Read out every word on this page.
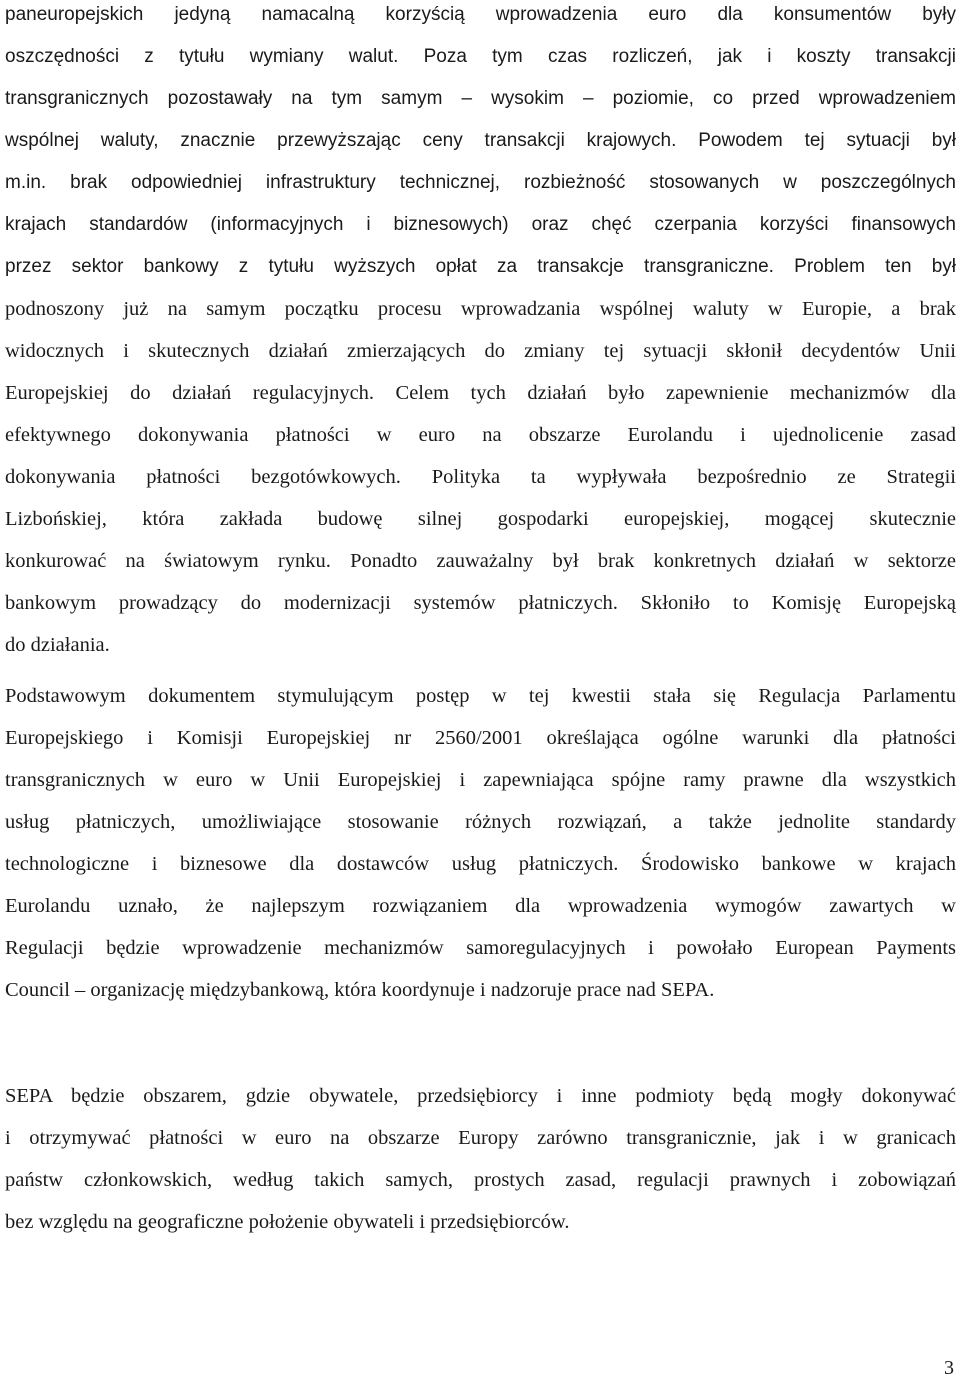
paneuropejskich jedyną namacalną korzyścią wprowadzenia euro dla konsumentów były
oszczędności z tytułu wymiany walut. Poza tym czas rozliczeń, jak i koszty transakcji
transgranicznych pozostawały na tym samym – wysokim – poziomie, co przed wprowadzeniem
wspólnej waluty, znacznie przewyższając ceny transakcji krajowych. Powodem tej sytuacji był
m.in. brak odpowiedniej infrastruktury technicznej, rozbieżność stosowanych w poszczególnych
krajach standardów (informacyjnych i biznesowych) oraz chęć czerpania korzyści finansowych
przez sektor bankowy z tytułu wyższych opłat za transakcje transgraniczne. Problem ten był
podnoszony już na samym początku procesu wprowadzania wspólnej waluty w Europie, a brak
widocznych i skutecznych działań zmierzających do zmiany tej sytuacji skłonił decydentów Unii
Europejskiej do działań regulacyjnych. Celem tych działań było zapewnienie mechanizmów dla
efektywnego dokonywania płatności w euro na obszarze Eurolandu i ujednolicenie zasad
dokonywania płatności bezgotówkowych. Polityka ta wypływała bezpośrednio ze Strategii
Lizbońskiej, która zakłada budowę silnej gospodarki europejskiej, mogącej skutecznie
konkurować na światowym rynku. Ponadto zauważalny był brak konkretnych działań w sektorze
bankowym prowadzący do modernizacji systemów płatniczych. Skłoniło to Komisję Europejską
do działania.
Podstawowym dokumentem stymulującym postęp w tej kwestii stała się Regulacja Parlamentu
Europejskiego i Komisji Europejskiej nr 2560/2001 określająca ogólne warunki dla płatności
transgranicznych w euro w Unii Europejskiej i zapewniająca spójne ramy prawne dla wszystkich
usług płatniczych, umożliwiające stosowanie różnych rozwiązań, a także jednolite standardy
technologiczne i biznesowe dla dostawców usług płatniczych. Środowisko bankowe w krajach
Eurolandu uznało, że najlepszym rozwiązaniem dla wprowadzenia wymogów zawartych w
Regulacji będzie wprowadzenie mechanizmów samoregulacyjnych i powołało European Payments
Council – organizację międzybankową, która koordynuje i nadzoruje prace nad SEPA.
SEPA będzie obszarem, gdzie obywatele, przedsiębiorcy i inne podmioty będą mogły dokonywać
i otrzymywać płatności w euro na obszarze Europy zarówno transgranicznie, jak i w granicach
państw członkowskich, według takich samych, prostych zasad, regulacji prawnych i zobowiązań
bez względu na geograficzne położenie obywateli i przedsiębiorców.
3
